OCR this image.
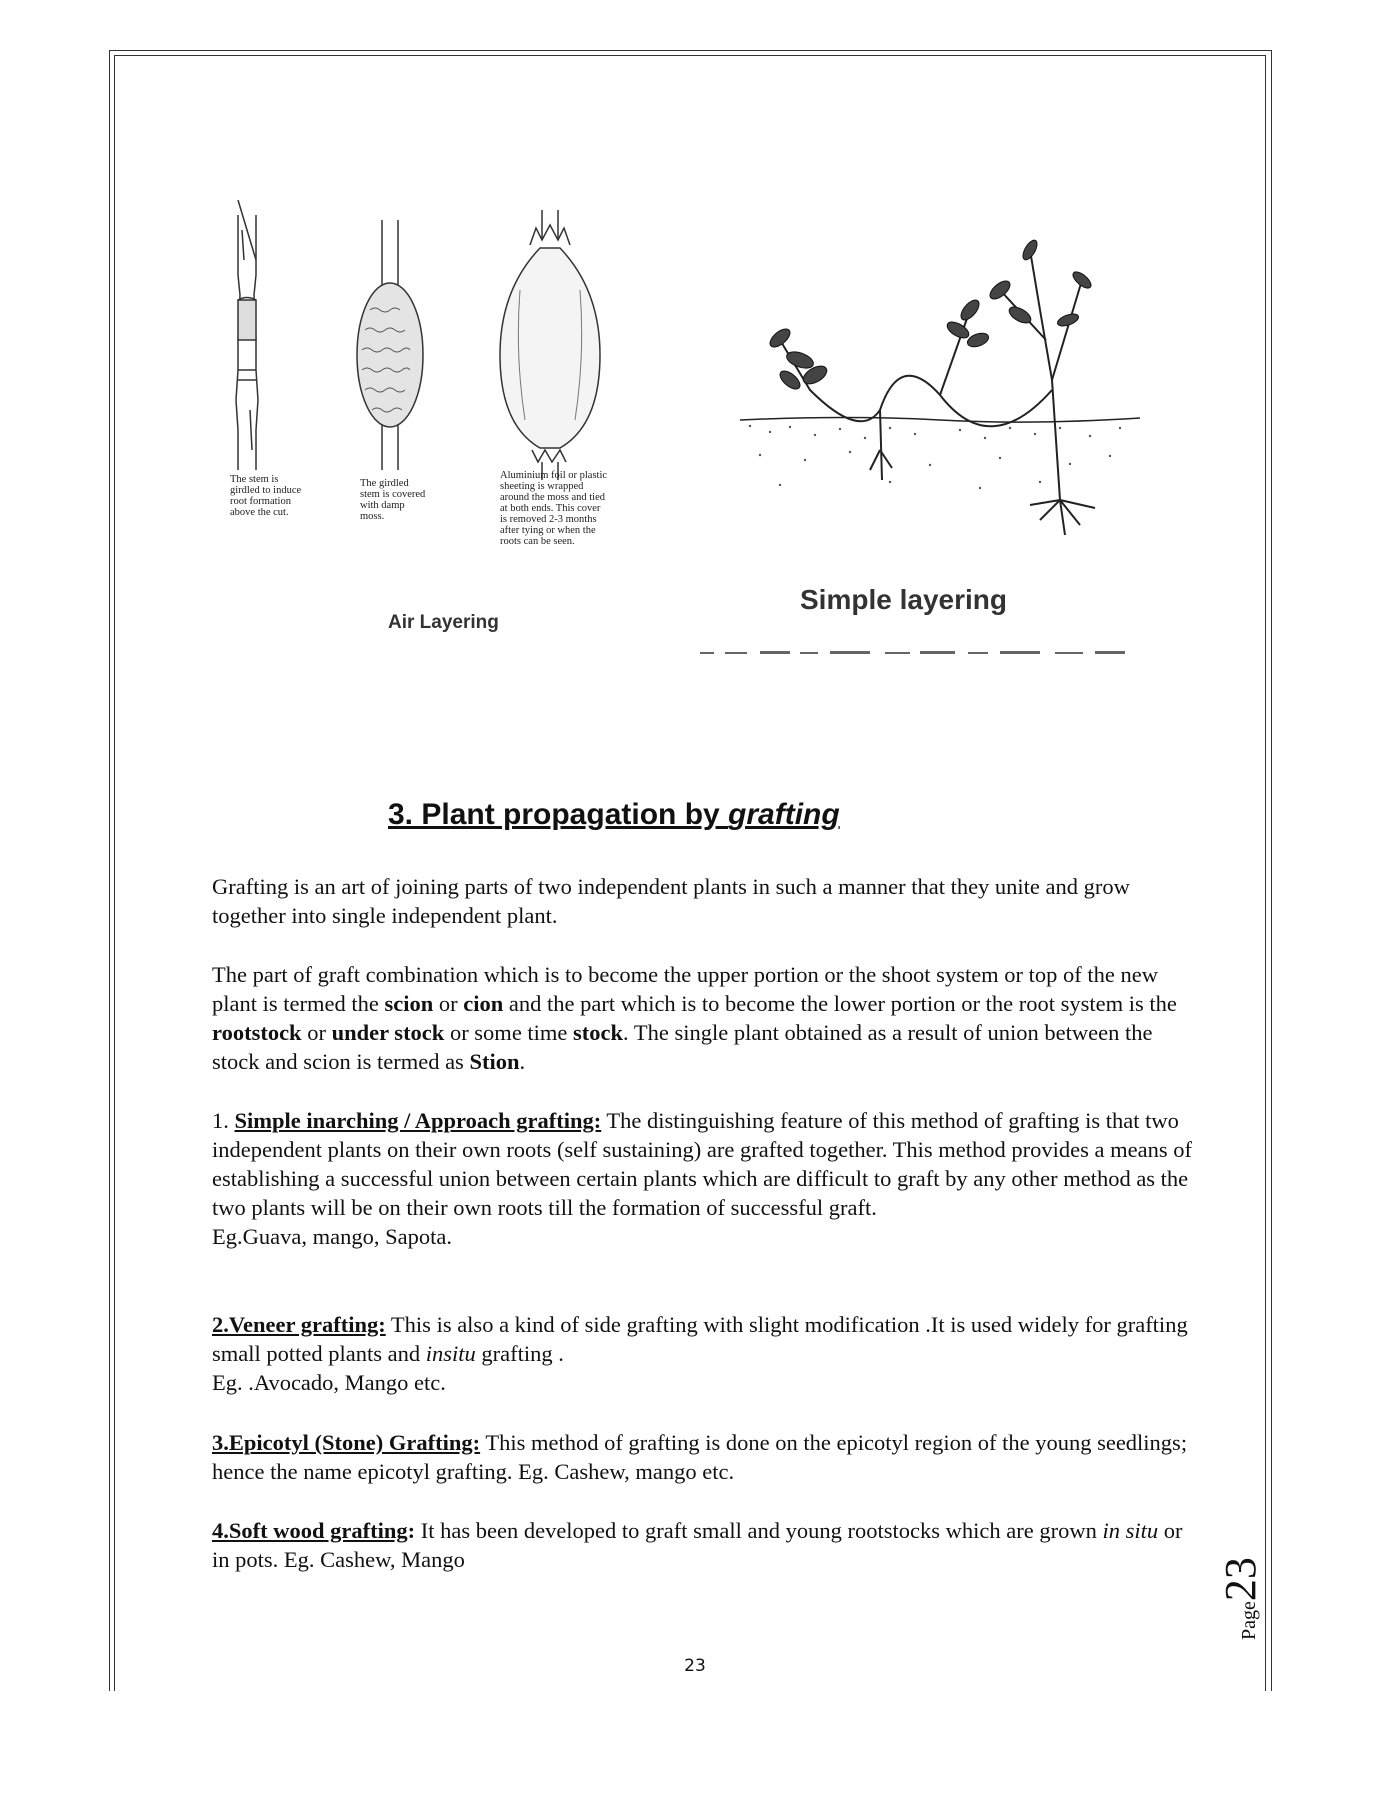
The stem is
girdled to induce
root formation
above the cut.
The girdled
stem is covered
with damp
moss.
Aluminium foil or plastic
sheeting is wrapped
around the moss and tied
at both ends. This cover
is removed 2-3 months
after tying or when the
roots can be seen.
Air Layering
Simple layering
3. Plant propagation by grafting

Grafting is an art of joining parts of two independent plants in such a manner that they unite and grow together into single independent plant.

The part of graft combination which is to become the upper portion or the shoot system or top of the new plant is termed the scion or cion and the part which is to become the lower portion or the root system is the rootstock or under stock or some time stock. The single plant obtained as a result of union between the stock and scion is termed as Stion.

1. Simple inarching / Approach grafting: The distinguishing feature of this method of grafting is that two independent plants on their own roots (self sustaining) are grafted together. This method provides a means of establishing a successful union between certain plants which are difficult to graft by any other method as the two plants will be on their own roots till the formation of successful graft.
Eg.Guava, mango, Sapota.

2.Veneer grafting: This is also a kind of side grafting with slight modification .It is used widely for grafting small potted plants and insitu grafting .
Eg. .Avocado, Mango etc.

3.Epicotyl (Stone) Grafting: This method of grafting is done on the epicotyl region of the young seedlings; hence the name epicotyl grafting. Eg. Cashew, mango etc.

4.Soft wood grafting: It has been developed to graft small and young rootstocks which are grown in situ or in pots. Eg. Cashew, Mango

Page23
23
